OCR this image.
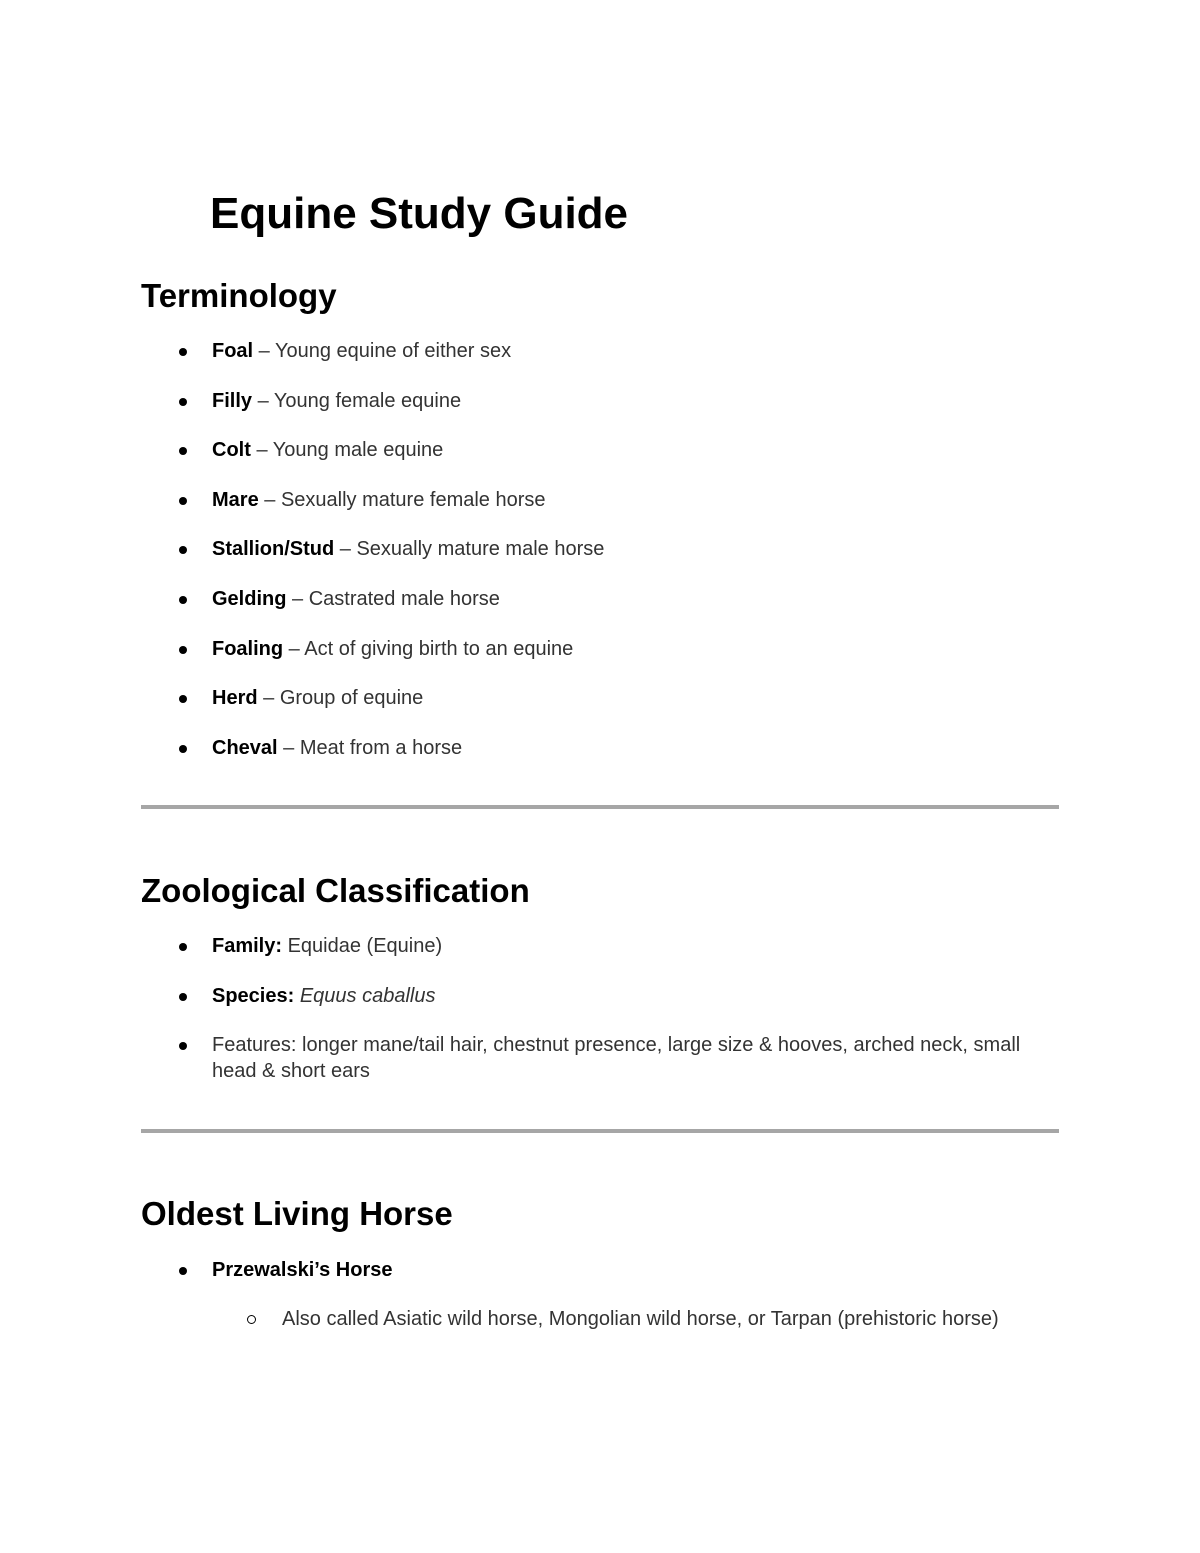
Equine Study Guide
Terminology
Foal – Young equine of either sex
Filly – Young female equine
Colt – Young male equine
Mare – Sexually mature female horse
Stallion/Stud – Sexually mature male horse
Gelding – Castrated male horse
Foaling – Act of giving birth to an equine
Herd – Group of equine
Cheval – Meat from a horse
Zoological Classification
Family: Equidae (Equine)
Species: Equus caballus
Features: longer mane/tail hair, chestnut presence, large size & hooves, arched neck, small head & short ears
Oldest Living Horse
Przewalski’s Horse
Also called Asiatic wild horse, Mongolian wild horse, or Tarpan (prehistoric horse)
